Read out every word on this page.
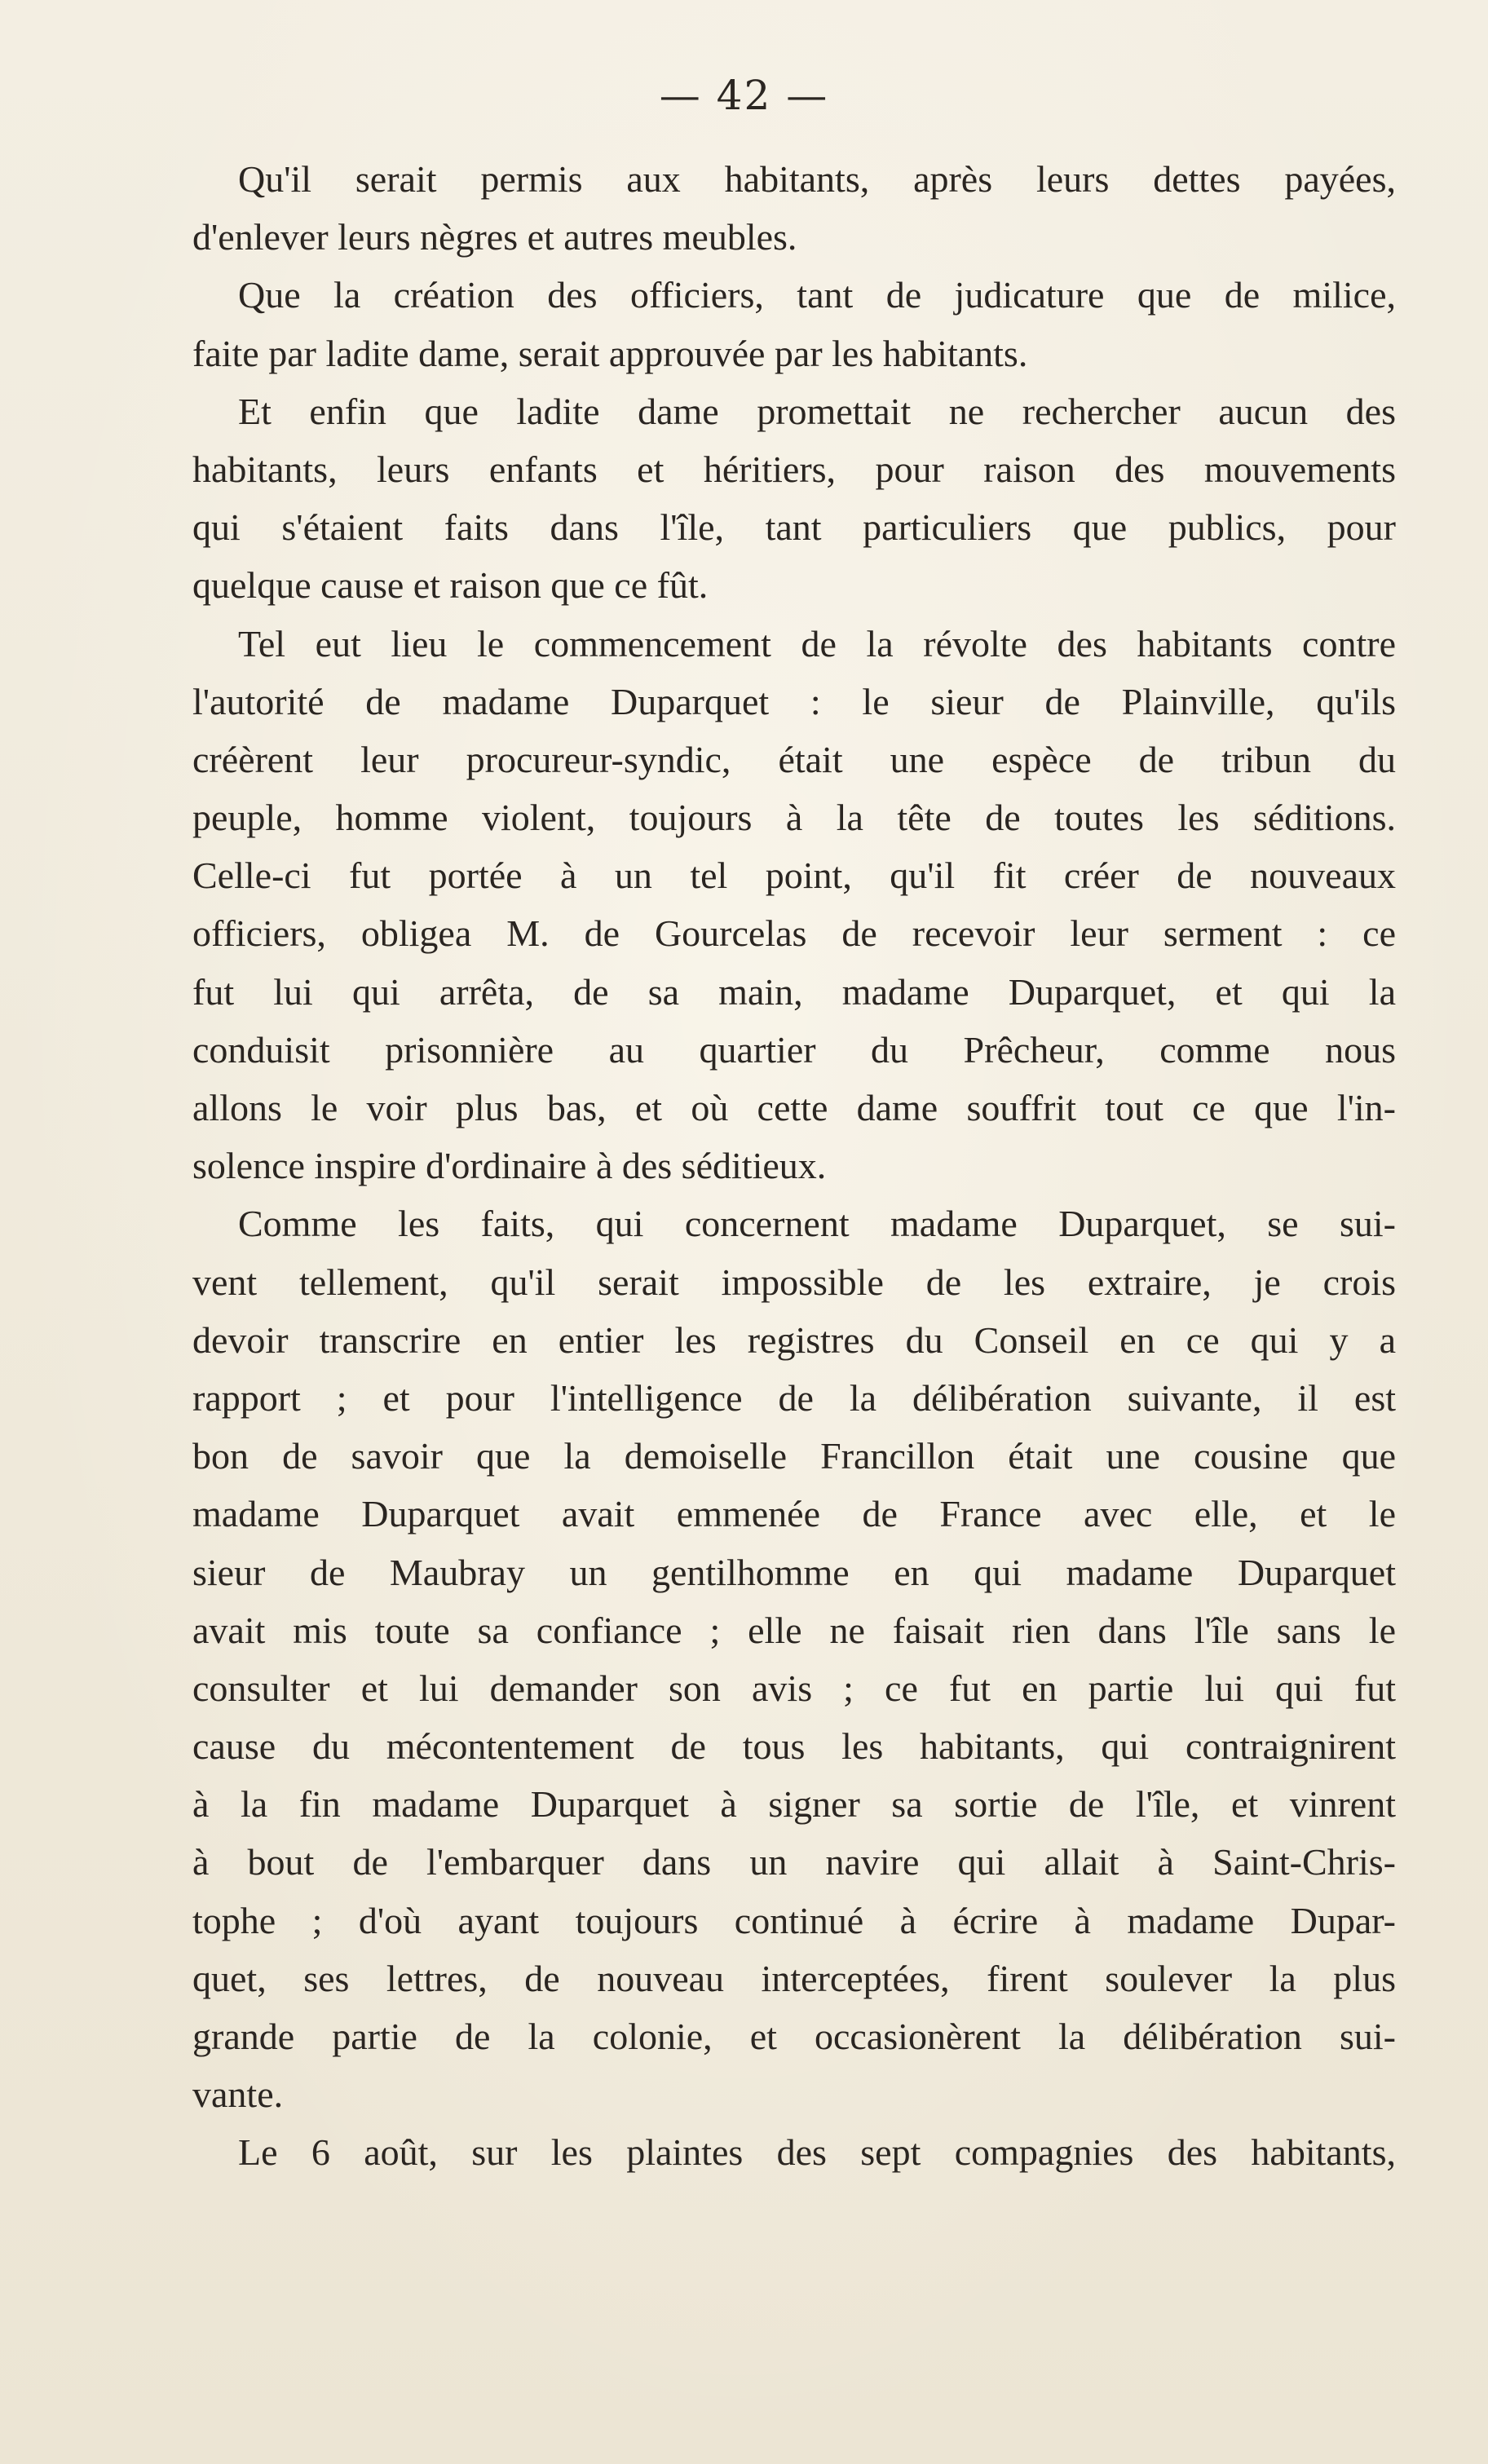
— 42 —
Qu'il serait permis aux habitants, après leurs dettes payées,
d'enlever leurs nègres et autres meubles.
Que la création des officiers, tant de judicature que de milice,
faite par ladite dame, serait approuvée par les habitants.
Et enfin que ladite dame promettait ne rechercher aucun des
habitants, leurs enfants et héritiers, pour raison des mouvements
qui s'étaient faits dans l'île, tant particuliers que publics, pour
quelque cause et raison que ce fût.
Tel eut lieu le commencement de la révolte des habitants contre
l'autorité de madame Duparquet : le sieur de Plainville, qu'ils
créèrent leur procureur-syndic, était une espèce de tribun du
peuple, homme violent, toujours à la tête de toutes les séditions.
Celle-ci fut portée à un tel point, qu'il fit créer de nouveaux
officiers, obligea M. de Gourcelas de recevoir leur serment : ce
fut lui qui arrêta, de sa main, madame Duparquet, et qui la
conduisit prisonnière au quartier du Prêcheur, comme nous
allons le voir plus bas, et où cette dame souffrit tout ce que l'in-
solence inspire d'ordinaire à des séditieux.
Comme les faits, qui concernent madame Duparquet, se sui-
vent tellement, qu'il serait impossible de les extraire, je crois
devoir transcrire en entier les registres du Conseil en ce qui y a
rapport ; et pour l'intelligence de la délibération suivante, il est
bon de savoir que la demoiselle Francillon était une cousine que
madame Duparquet avait emmenée de France avec elle, et le
sieur de Maubray un gentilhomme en qui madame Duparquet
avait mis toute sa confiance ; elle ne faisait rien dans l'île sans le
consulter et lui demander son avis ; ce fut en partie lui qui fut
cause du mécontentement de tous les habitants, qui contraignirent
à la fin madame Duparquet à signer sa sortie de l'île, et vinrent
à bout de l'embarquer dans un navire qui allait à Saint-Chris-
tophe ; d'où ayant toujours continué à écrire à madame Dupar-
quet, ses lettres, de nouveau interceptées, firent soulever la plus
grande partie de la colonie, et occasionèrent la délibération sui-
vante.
Le 6 août, sur les plaintes des sept compagnies des habitants,
